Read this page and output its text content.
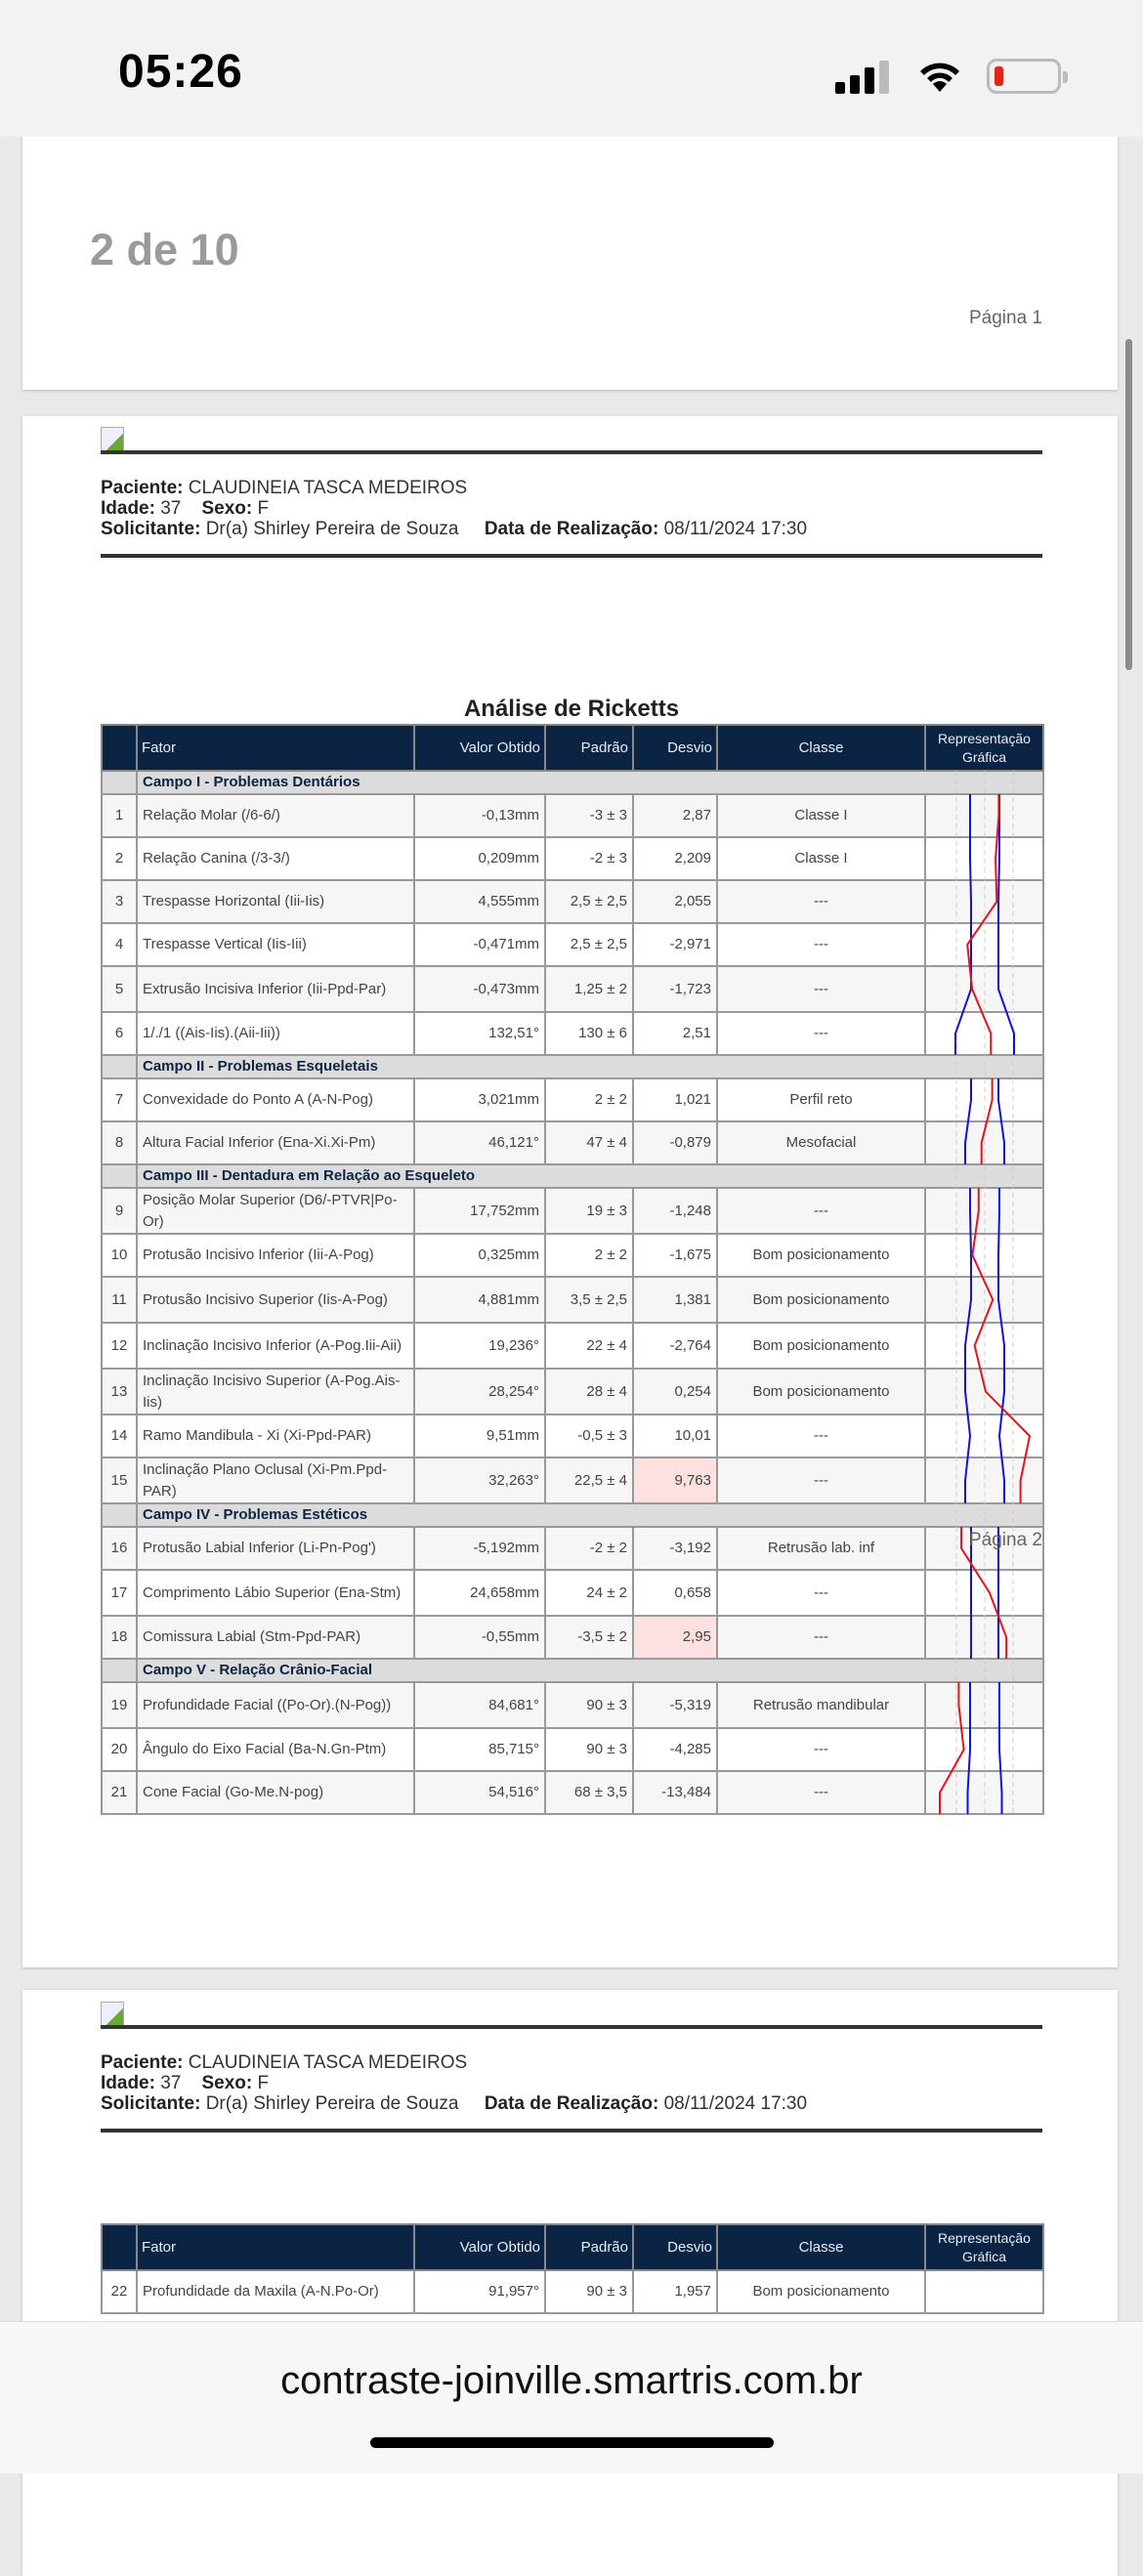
05:26
2 de 10
Página 1
Paciente: CLAUDINEIA TASCA MEDEIROS
Idade: 37 Sexo: F
Solicitante: Dr(a) Shirley Pereira de Souza Data de Realização: 08/11/2024 17:30
Análise de Ricketts
	Fator	Valor Obtido	Padrão	Desvio	Classe	Representação Gráfica
	Campo I - Problemas Dentários					
1	Relação Molar (/6-6/)	-0,13mm	-3 ± 3	2,87	Classe I	
2	Relação Canina (/3-3/)	0,209mm	-2 ± 3	2,209	Classe I	
3	Trespasse Horizontal (Iii-Iis)	4,555mm	2,5 ± 2,5	2,055	---	
4	Trespasse Vertical (Iis-Iii)	-0,471mm	2,5 ± 2,5	-2,971	---	
5	Extrusão Incisiva Inferior (Iii-Ppd-Par)	-0,473mm	1,25 ± 2	-1,723	---	
6	1/./1 ((Ais-Iis).(Aii-Iii))	132,51°	130 ± 6	2,51	---	
	Campo II - Problemas Esqueletais					
7	Convexidade do Ponto A (A-N-Pog)	3,021mm	2 ± 2	1,021	Perfil reto	
8	Altura Facial Inferior (Ena-Xi.Xi-Pm)	46,121°	47 ± 4	-0,879	Mesofacial	
	Campo III - Dentadura em Relação ao Esqueleto					
9	Posição Molar Superior (D6/-PTVR|Po-Or)	17,752mm	19 ± 3	-1,248	---	
10	Protusão Incisivo Inferior (Iii-A-Pog)	0,325mm	2 ± 2	-1,675	Bom posicionamento	
11	Protusão Incisivo Superior (Iis-A-Pog)	4,881mm	3,5 ± 2,5	1,381	Bom posicionamento	
12	Inclinação Incisivo Inferior (A-Pog.Iii-Aii)	19,236°	22 ± 4	-2,764	Bom posicionamento	
13	Inclinação Incisivo Superior (A-Pog.Ais-Iis)	28,254°	28 ± 4	0,254	Bom posicionamento	
14	Ramo Mandibula - Xi (Xi-Ppd-PAR)	9,51mm	-0,5 ± 3	10,01	---	
15	Inclinação Plano Oclusal (Xi-Pm.Ppd-PAR)	32,263°	22,5 ± 4	9,763	---	
	Campo IV - Problemas Estéticos					
16	Protusão Labial Inferior (Li-Pn-Pog')	-5,192mm	-2 ± 2	-3,192	Retrusão lab. inf	
17	Comprimento Lábio Superior (Ena-Stm)	24,658mm	24 ± 2	0,658	---	
18	Comissura Labial (Stm-Ppd-PAR)	-0,55mm	-3,5 ± 2	2,95	---	
	Campo V - Relação Crânio-Facial					
19	Profundidade Facial ((Po-Or).(N-Pog))	84,681°	90 ± 3	-5,319	Retrusão mandibular	
20	Ângulo do Eixo Facial (Ba-N.Gn-Ptm)	85,715°	90 ± 3	-4,285	---	
21	Cone Facial (Go-Me.N-pog)	54,516°	68 ± 3,5	-13,484	---	
Página 2
Paciente: CLAUDINEIA TASCA MEDEIROS
Idade: 37 Sexo: F
Solicitante: Dr(a) Shirley Pereira de Souza Data de Realização: 08/11/2024 17:30
	Fator	Valor Obtido	Padrão	Desvio	Classe	Representação Gráfica
22	Profundidade da Maxila (A-N.Po-Or)	91,957°	90 ± 3	1,957	Bom posicionamento	
contraste-joinville.smartris.com.br
